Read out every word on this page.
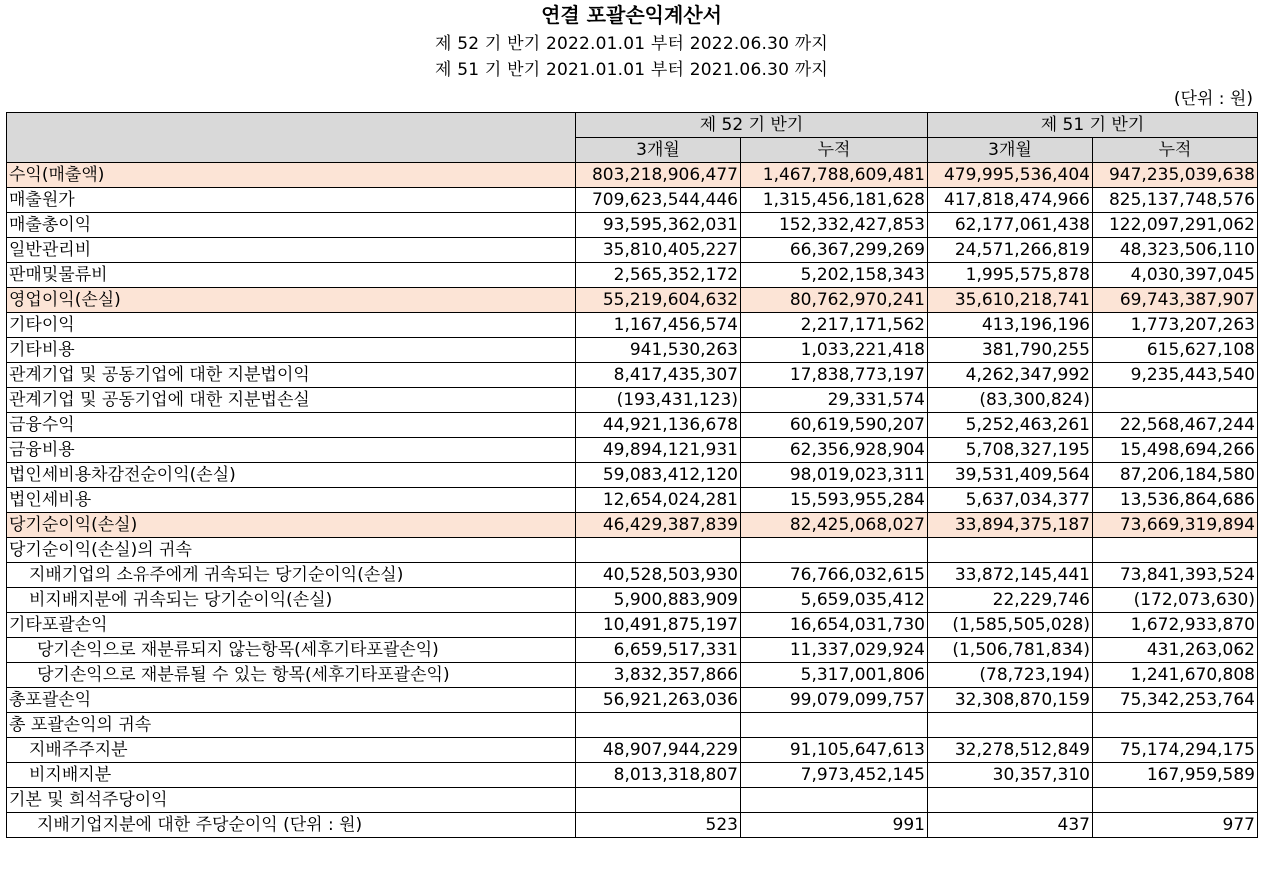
연결 포괄손익계산서
제 52 기 반기 2022.01.01 부터 2022.06.30 까지
제 51 기 반기 2021.01.01 부터 2021.06.30 까지
(단위 : 원)
	제 52 기 반기		제 51 기 반기	
	3개월	누적	3개월	누적
수익(매출액)	803,218,906,477	1,467,788,609,481	479,995,536,404	947,235,039,638
매출원가	709,623,544,446	1,315,456,181,628	417,818,474,966	825,137,748,576
매출총이익	93,595,362,031	152,332,427,853	62,177,061,438	122,097,291,062
일반관리비	35,810,405,227	66,367,299,269	24,571,266,819	48,323,506,110
판매및물류비	2,565,352,172	5,202,158,343	1,995,575,878	4,030,397,045
영업이익(손실)	55,219,604,632	80,762,970,241	35,610,218,741	69,743,387,907
기타이익	1,167,456,574	2,217,171,562	413,196,196	1,773,207,263
기타비용	941,530,263	1,033,221,418	381,790,255	615,627,108
관계기업 및 공동기업에 대한 지분법이익	8,417,435,307	17,838,773,197	4,262,347,992	9,235,443,540
관계기업 및 공동기업에 대한 지분법손실	(193,431,123)	29,331,574	(83,300,824)	
금융수익	44,921,136,678	60,619,590,207	5,252,463,261	22,568,467,244
금융비용	49,894,121,931	62,356,928,904	5,708,327,195	15,498,694,266
법인세비용차감전순이익(손실)	59,083,412,120	98,019,023,311	39,531,409,564	87,206,184,580
법인세비용	12,654,024,281	15,593,955,284	5,637,034,377	13,536,864,686
당기순이익(손실)	46,429,387,839	82,425,068,027	33,894,375,187	73,669,319,894
당기순이익(손실)의 귀속				
지배기업의 소유주에게 귀속되는 당기순이익(손실)	40,528,503,930	76,766,032,615	33,872,145,441	73,841,393,524
비지배지분에 귀속되는 당기순이익(손실)	5,900,883,909	5,659,035,412	22,229,746	(172,073,630)
기타포괄손익	10,491,875,197	16,654,031,730	(1,585,505,028)	1,672,933,870
당기손익으로 재분류되지 않는항목(세후기타포괄손익)	6,659,517,331	11,337,029,924	(1,506,781,834)	431,263,062
당기손익으로 재분류될 수 있는 항목(세후기타포괄손익)	3,832,357,866	5,317,001,806	(78,723,194)	1,241,670,808
총포괄손익	56,921,263,036	99,079,099,757	32,308,870,159	75,342,253,764
총 포괄손익의 귀속				
지배주주지분	48,907,944,229	91,105,647,613	32,278,512,849	75,174,294,175
비지배지분	8,013,318,807	7,973,452,145	30,357,310	167,959,589
기본 및 희석주당이익				
지배기업지분에 대한 주당순이익 (단위 : 원)	523	991	437	977
